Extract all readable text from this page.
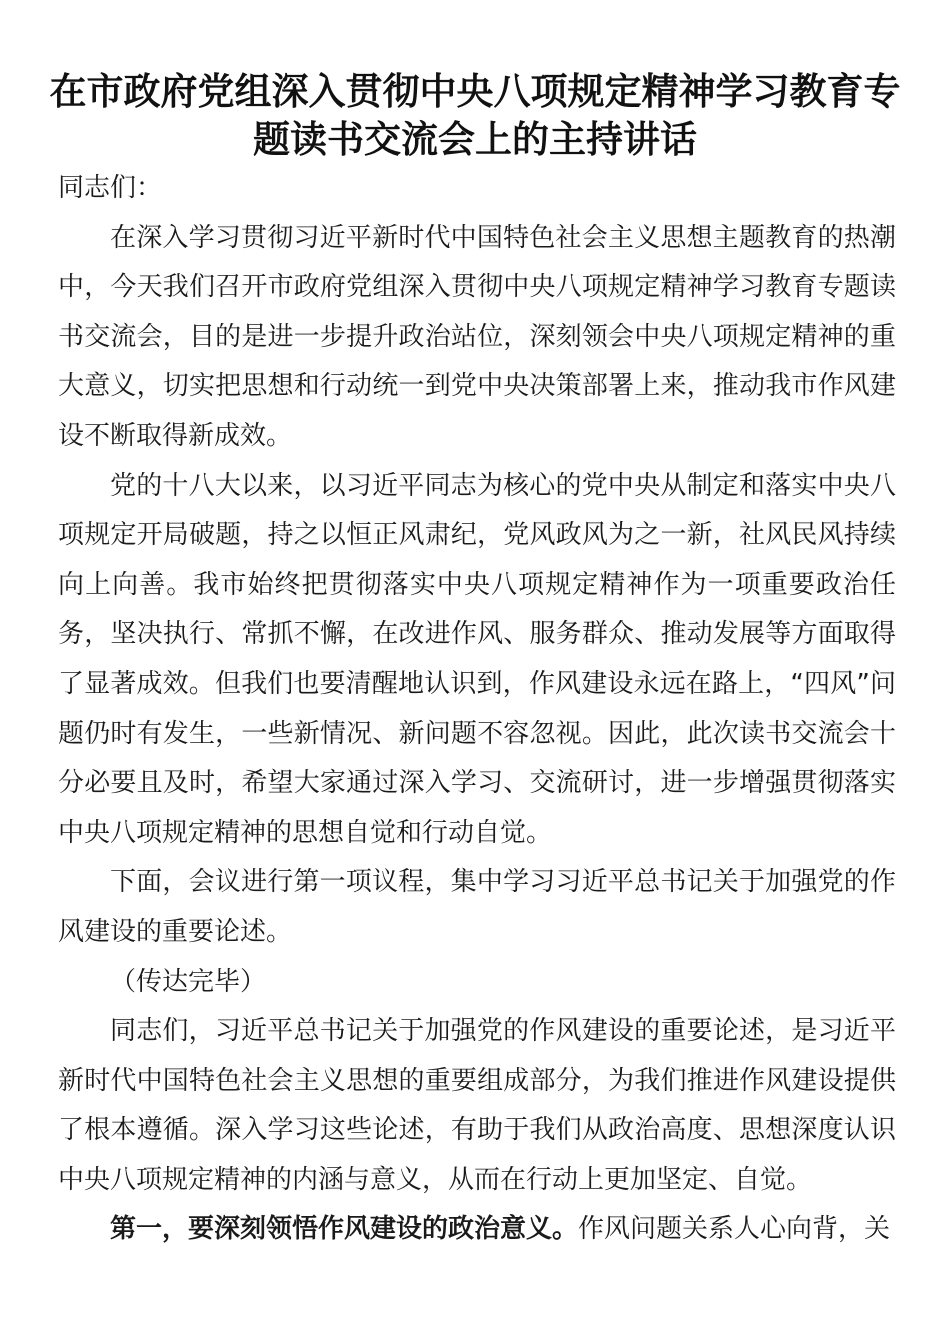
在市政府党组深入贯彻中央八项规定精神学习教育专题读书交流会上的主持讲话

同志们：

在深入学习贯彻习近平新时代中国特色社会主义思想主题教育的热潮中，今天我们召开市政府党组深入贯彻中央八项规定精神学习教育专题读书交流会，目的是进一步提升政治站位，深刻领会中央八项规定精神的重大意义，切实把思想和行动统一到党中央决策部署上来，推动我市作风建设不断取得新成效。

党的十八大以来，以习近平同志为核心的党中央从制定和落实中央八项规定开局破题，持之以恒正风肃纪，党风政风为之一新，社风民风持续向上向善。我市始终把贯彻落实中央八项规定精神作为一项重要政治任务，坚决执行、常抓不懈，在改进作风、服务群众、推动发展等方面取得了显著成效。但我们也要清醒地认识到，作风建设永远在路上，“四风”问题仍时有发生，一些新情况、新问题不容忽视。因此，此次读书交流会十分必要且及时，希望大家通过深入学习、交流研讨，进一步增强贯彻落实中央八项规定精神的思想自觉和行动自觉。

下面，会议进行第一项议程，集中学习习近平总书记关于加强党的作风建设的重要论述。

（传达完毕）

同志们，习近平总书记关于加强党的作风建设的重要论述，是习近平新时代中国特色社会主义思想的重要组成部分，为我们推进作风建设提供了根本遵循。深入学习这些论述，有助于我们从政治高度、思想深度认识中央八项规定精神的内涵与意义，从而在行动上更加坚定、自觉。

第一，要深刻领悟作风建设的政治意义。作风问题关系人心向背，关
